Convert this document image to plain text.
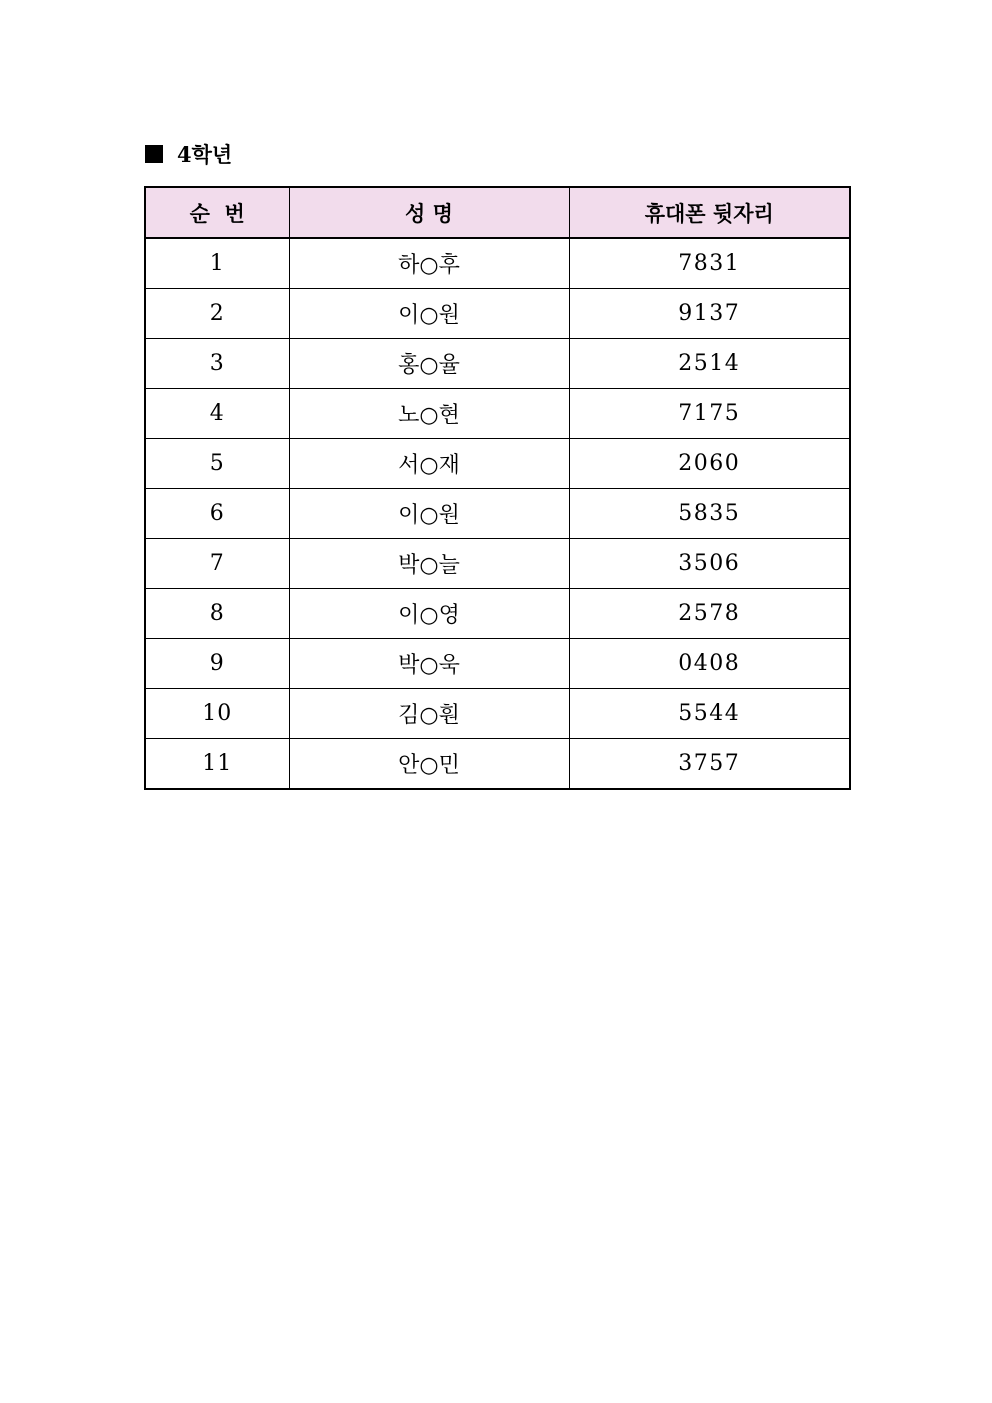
4학년
순  번	성 명	휴대폰 뒷자리
1	하○후	7831
2	이○원	9137
3	홍○율	2514
4	노○현	7175
5	서○재	2060
6	이○원	5835
7	박○늘	3506
8	이○영	2578
9	박○욱	0408
10	김○훤	5544
11	안○민	3757
